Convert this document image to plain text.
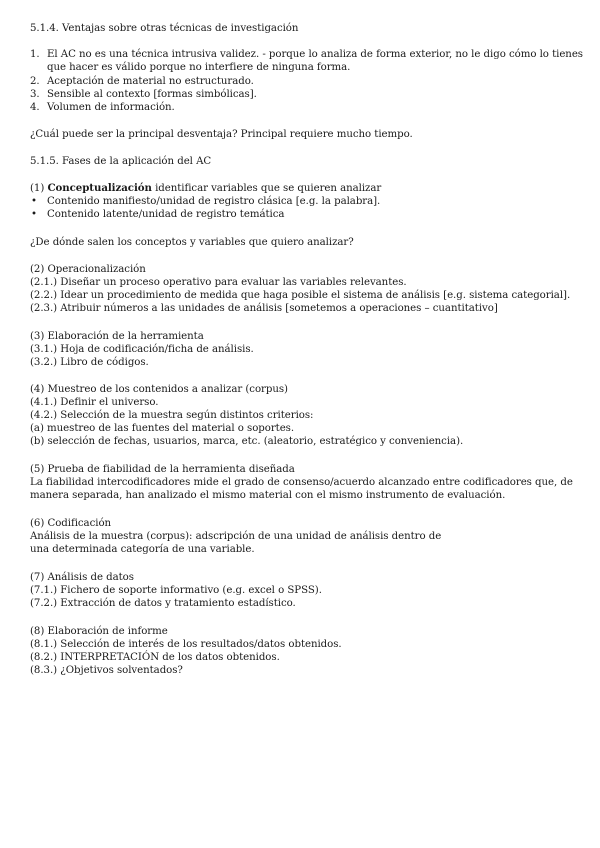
5.1.4. Ventajas sobre otras técnicas de investigación
1. El AC no es una técnica intrusiva validez. - porque lo analiza de forma exterior, no le digo cómo lo tienes
que hacer es válido porque no interfiere de ninguna forma.
2. Aceptación de material no estructurado.
3. Sensible al contexto [formas simbólicas].
4. Volumen de información.
¿Cuál puede ser la principal desventaja? Principal requiere mucho tiempo.
5.1.5. Fases de la aplicación del AC
(1) Conceptualización identificar variables que se quieren analizar
• Contenido manifiesto/unidad de registro clásica [e.g. la palabra].
• Contenido latente/unidad de registro temática
¿De dónde salen los conceptos y variables que quiero analizar?
(2) Operacionalización
(2.1.) Diseñar un proceso operativo para evaluar las variables relevantes.
(2.2.) Idear un procedimiento de medida que haga posible el sistema de análisis [e.g. sistema categorial].
(2.3.) Atribuir números a las unidades de análisis [sometemos a operaciones – cuantitativo]
(3) Elaboración de la herramienta
(3.1.) Hoja de codificación/ficha de análisis.
(3.2.) Libro de códigos.
(4) Muestreo de los contenidos a analizar (corpus)
(4.1.) Definir el universo.
(4.2.) Selección de la muestra según distintos criterios:
(a) muestreo de las fuentes del material o soportes.
(b) selección de fechas, usuarios, marca, etc. (aleatorio, estratégico y conveniencia).
(5) Prueba de fiabilidad de la herramienta diseñada
La fiabilidad intercodificadores mide el grado de consenso/acuerdo alcanzado entre codificadores que, de
manera separada, han analizado el mismo material con el mismo instrumento de evaluación.
(6) Codificación
Análisis de la muestra (corpus): adscripción de una unidad de análisis dentro de
una determinada categoría de una variable.
(7) Análisis de datos
(7.1.) Fichero de soporte informativo (e.g. excel o SPSS).
(7.2.) Extracción de datos y tratamiento estadístico.
(8) Elaboración de informe
(8.1.) Selección de interés de los resultados/datos obtenidos.
(8.2.) INTERPRETACIÓN de los datos obtenidos.
(8.3.) ¿Objetivos solventados?
